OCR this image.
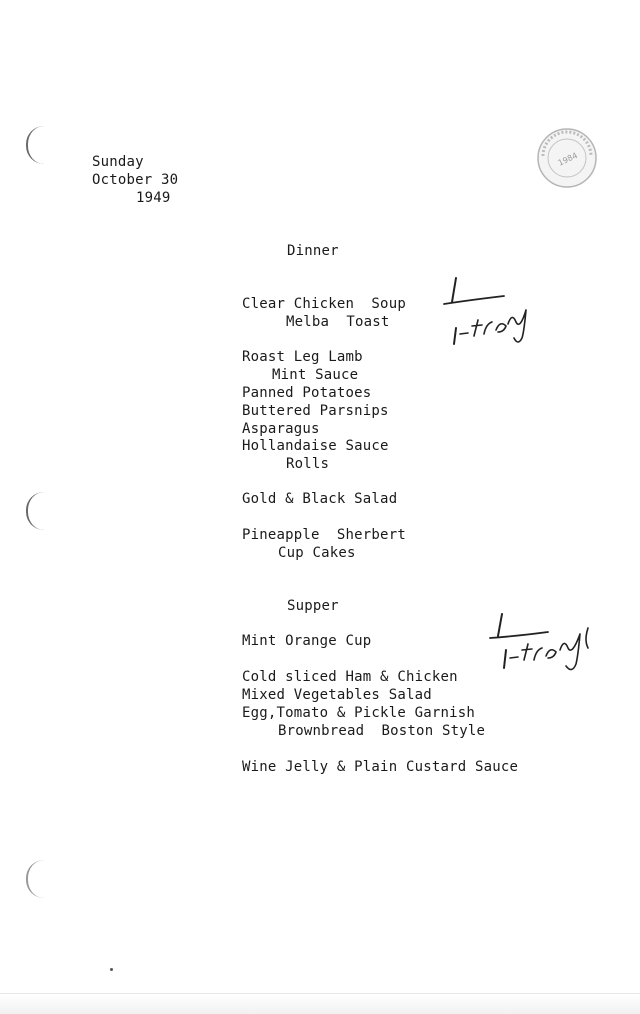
1984
Sunday
October 30
1949
Dinner
Clear Chicken  Soup
Melba  Toast
Roast Leg Lamb
Mint Sauce
Panned Potatoes
Buttered Parsnips
Asparagus
Hollandaise Sauce
Rolls
Gold & Black Salad
Pineapple  Sherbert
Cup Cakes
Supper
Mint Orange Cup
Cold sliced Ham & Chicken
Mixed Vegetables Salad
Egg,Tomato & Pickle Garnish
Brownbread  Boston Style
Wine Jelly & Plain Custard Sauce
